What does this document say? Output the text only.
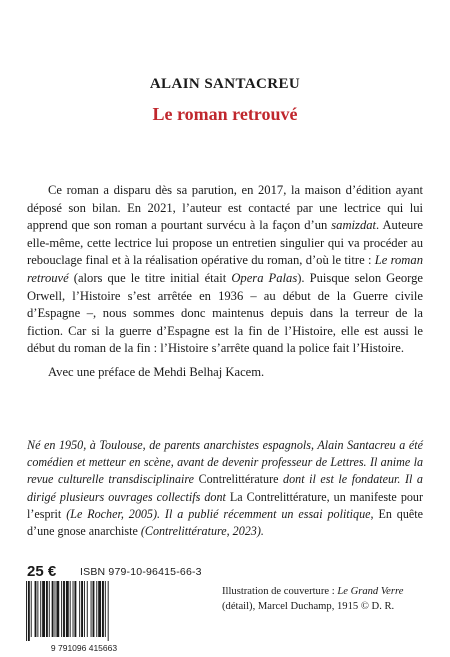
ALAIN SANTACREU
Le roman retrouvé

Ce roman a disparu dès sa parution, en 2017, la maison d’édition ayant déposé son bilan. En 2021, l’auteur est contacté par une lectrice qui lui apprend que son roman a pourtant survécu à la façon d’un samizdat. Auteure elle-même, cette lectrice lui propose un entretien singulier qui va procéder au rebouclage final et à la réalisation opérative du roman, d’où le titre : Le roman retrouvé (alors que le titre initial était Opera Palas). Puisque selon George Orwell, l’Histoire s’est arrêtée en 1936 – au début de la Guerre civile d’Espagne –, nous sommes donc maintenus depuis dans la terreur de la fiction. Car si la guerre d’Espagne est la fin de l’Histoire, elle est aussi le début du roman de la fin : l’Histoire s’arrête quand la police fait l’Histoire.

Avec une préface de Mehdi Belhaj Kacem.

Né en 1950, à Toulouse, de parents anarchistes espagnols, Alain Santacreu a été comédien et metteur en scène, avant de devenir professeur de Lettres. Il anime la revue culturelle transdisciplinaire Contrelittérature dont il est le fondateur. Il a dirigé plusieurs ouvrages collectifs dont La Contrelittérature, un manifeste pour l’esprit (Le Rocher, 2005). Il a publié récemment un essai politique, En quête d’une gnose anarchiste (Contrelittérature, 2023).
25 € ISBN 979-10-96415-66-3
9 791096 415663
Illustration de couverture : Le Grand Verre (détail), Marcel Duchamp, 1915 © D. R.
